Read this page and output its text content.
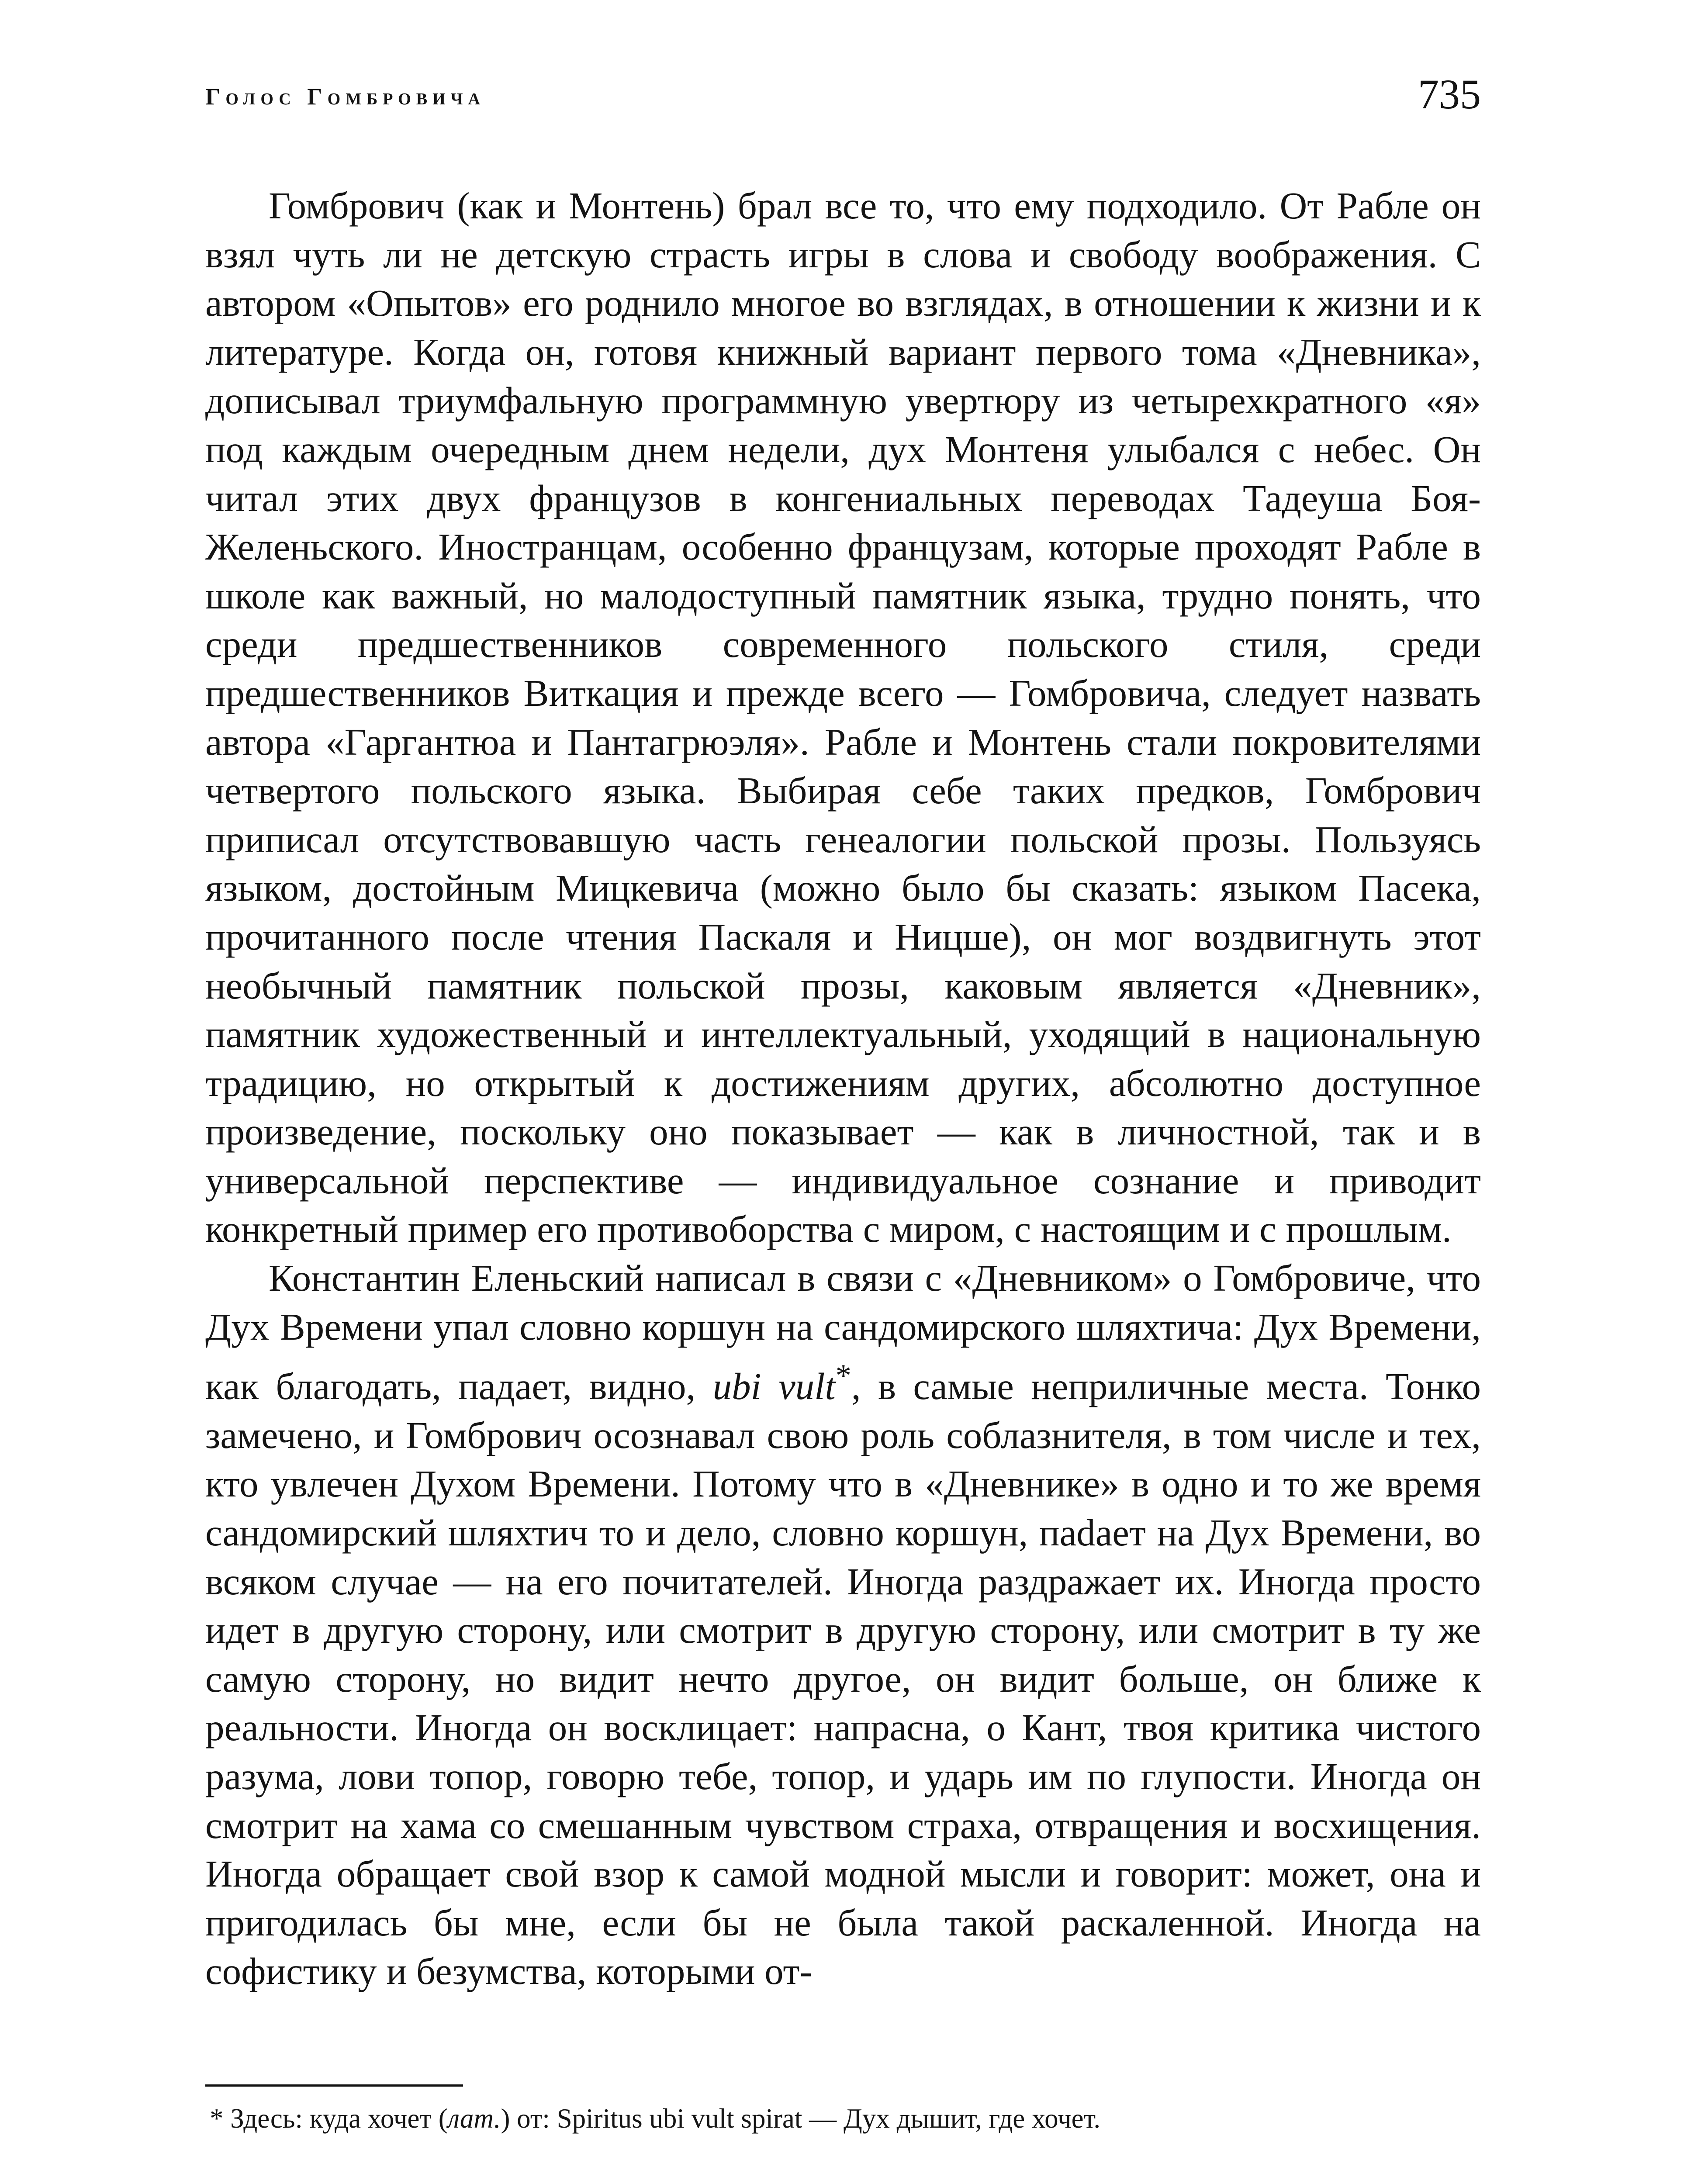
Голос Гомбровича	735

Гомбрович (как и Монтень) брал все то, что ему подходило. От Рабле он взял чуть ли не детскую страсть игры в слова и свободу воображения. С автором «Опытов» его роднило многое во взглядах, в отношении к жизни и к литературе. Когда он, готовя книжный вариант первого тома «Дневника», дописывал триумфальную программную увертюру из четырехкратного «я» под каждым очередным днем недели, дух Монтеня улыбался с небес. Он читал этих двух французов в конгениальных переводах Тадеуша Боя-Желеньского. Иностранцам, особенно французам, которые проходят Рабле в школе как важный, но малодоступный памятник языка, трудно понять, что среди предшественников современного польского стиля, среди предшественников Виткация и прежде всего — Гомбровича, следует назвать автора «Гаргантюа и Пантагрюэля». Рабле и Монтень стали покровителями четвертого польского языка. Выбирая себе таких предков, Гомбрович приписал отсутствовавшую часть генеалогии польской прозы. Пользуясь языком, достойным Мицкевича (можно было бы сказать: языком Пасека, прочитанного после чтения Паскаля и Ницше), он мог воздвигнуть этот необычный памятник польской прозы, каковым является «Дневник», памятник художественный и интеллектуальный, уходящий в национальную традицию, но открытый к достижениям других, абсолютно доступное произведение, поскольку оно показывает — как в личностной, так и в универсальной перспективе — индивидуальное сознание и приводит конкретный пример его противоборства с миром, с настоящим и с прошлым.

Константин Еленьский написал в связи с «Дневником» о Гомбровиче, что Дух Времени упал словно коршун на сандомирского шляхтича: Дух Времени, как благодать, падает, видно, ubi vult*, в самые неприличные места. Тонко замечено, и Гомбрович осознавал свою роль соблазнителя, в том числе и тех, кто увлечен Духом Времени. Потому что в «Дневнике» в одно и то же время сандомирский шляхтич то и дело, словно коршун, паdает на Дух Времени, во всяком случае — на его почитателей. Иногда раздражает их. Иногда просто идет в другую сторону, или смотрит в другую сторону, или смотрит в ту же самую сторону, но видит нечто другое, он видит больше, он ближе к реальности. Иногда он восклицает: напрасна, о Кант, твоя критика чистого разума, лови топор, говорю тебе, топор, и ударь им по глупости. Иногда он смотрит на хама со смешанным чувством страха, отвращения и восхищения. Иногда обращает свой взор к самой модной мысли и говорит: может, она и пригодилась бы мне, если бы не была такой раскаленной. Иногда на софистику и безумства, которыми от-

* Здесь: куда хочет (лат.) от: Spiritus ubi vult spirat — Дух дышит, где хочет.
